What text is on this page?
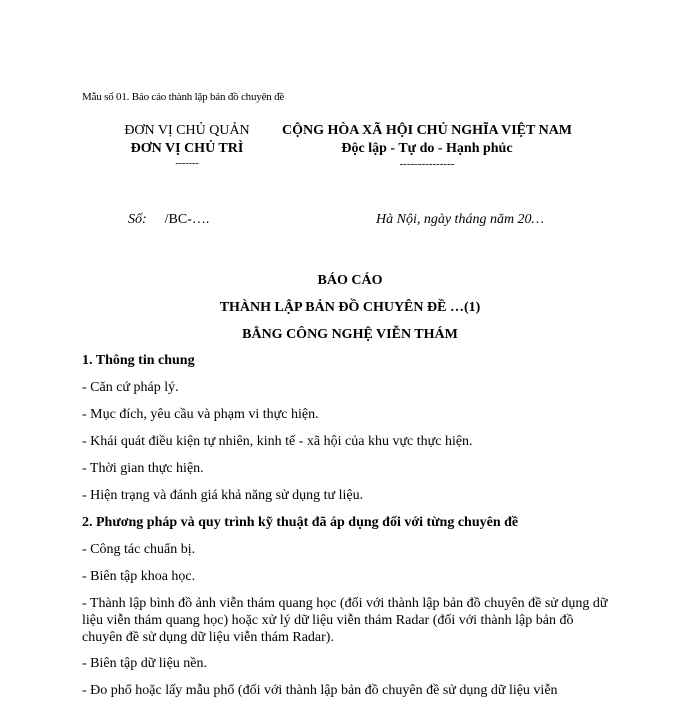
Mẫu số 01. Báo cáo thành lập bản đồ chuyên đề
ĐƠN VỊ CHỦ QUẢN
ĐƠN VỊ CHỦ TRÌ
-------
CỘNG HÒA XÃ HỘI CHỦ NGHĨA VIỆT NAM
Độc lập - Tự do - Hạnh phúc
---------------
Số: /BC-….	Hà Nội, ngày tháng năm 20…
BÁO CÁO
THÀNH LẬP BẢN ĐỒ CHUYÊN ĐỀ …(1)
BẰNG CÔNG NGHỆ VIỄN THÁM
1. Thông tin chung
- Căn cứ pháp lý.
- Mục đích, yêu cầu và phạm vi thực hiện.
- Khái quát điều kiện tự nhiên, kinh tế - xã hội của khu vực thực hiện.
- Thời gian thực hiện.
- Hiện trạng và đánh giá khả năng sử dụng tư liệu.
2. Phương pháp và quy trình kỹ thuật đã áp dụng đối với từng chuyên đề
- Công tác chuẩn bị.
- Biên tập khoa học.
- Thành lập bình đồ ảnh viễn thám quang học (đối với thành lập bản đồ chuyên đề sử dụng dữ liệu viễn thám quang học) hoặc xử lý dữ liệu viễn thám Radar (đối với thành lập bản đồ chuyên đề sử dụng dữ liệu viễn thám Radar).
- Biên tập dữ liệu nền.
- Đo phổ hoặc lấy mẫu phổ (đối với thành lập bản đồ chuyên đề sử dụng dữ liệu viễn
